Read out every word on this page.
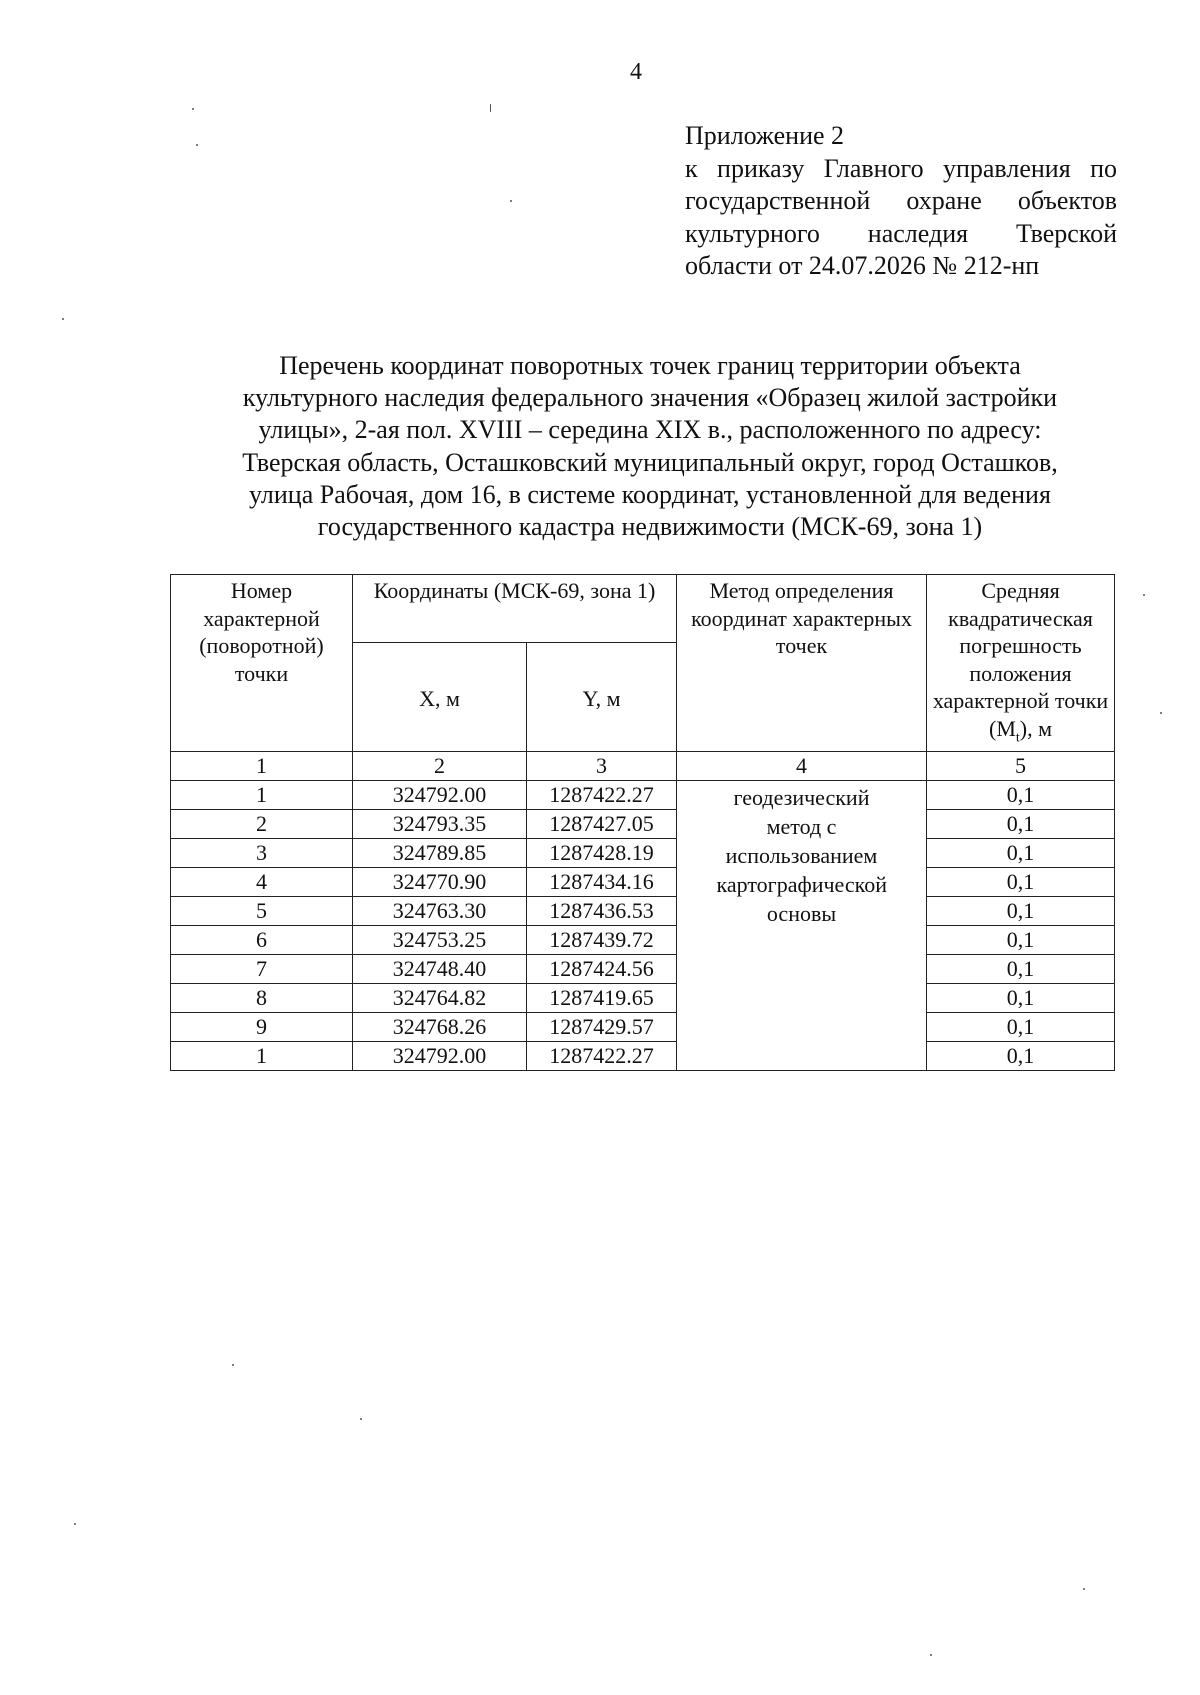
4
Приложение 2
к приказу Главного управления по
государственной охране объектов
культурного наследия Тверской
области от 24.07.2026 № 212-нп
Перечень координат поворотных точек границ территории объекта
культурного наследия федерального значения «Образец жилой застройки
улицы», 2-ая пол. XVIII – середина XIX в., расположенного по адресу:
Тверская область, Осташковский муниципальный округ, город Осташков,
улица Рабочая, дом 16, в системе координат, установленной для ведения
государственного кадастра недвижимости (МСК-69, зона 1)
Номер характерной (поворотной) точки	Координаты (МСК-69, зона 1)		Метод определения координат характерных точек	Средняя квадратическая погрешность положения характерной точки $(M_t)$, м
	X, м	Y, м		
1	2	3	4	5
1	324792.00	1287422.27	геодезический метод с использованием картографической основы	0,1
2	324793.35	1287427.05		0,1
3	324789.85	1287428.19		0,1
4	324770.90	1287434.16		0,1
5	324763.30	1287436.53		0,1
6	324753.25	1287439.72		0,1
7	324748.40	1287424.56		0,1
8	324764.82	1287419.65		0,1
9	324768.26	1287429.57		0,1
1	324792.00	1287422.27		0,1
